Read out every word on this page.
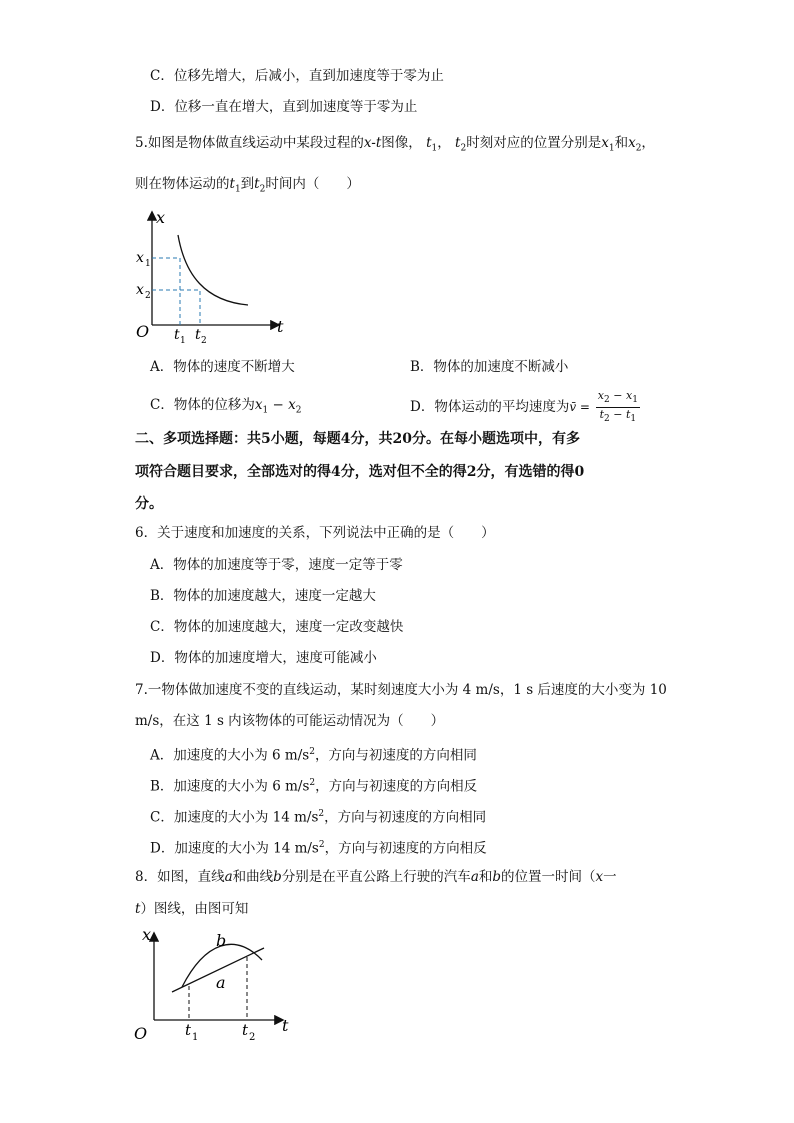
C．位移先增大，后减小，直到加速度等于零为止
D．位移一直在增大，直到加速度等于零为止
5.如图是物体做直线运动中某段过程的x-t图像， $t_1$， $t_2$时刻对应的位置分别是$x_1$和$x_2$，
则在物体运动的$t_1$到$t_2$时间内（　　）
x
x 1
x 2
O t 1 t 2
t
A．物体的速度不断增大	B．物体的加速度不断减小
C．物体的位移为$x_1 - x_2$	D．物体运动的平均速度为v̄ = $\frac{x_2 - x_1}{t_2 - t_1}$
二、多项选择题：共5小题，每题4分，共20分。在每小题选项中，有多
项符合题目要求，全部选对的得4分，选对但不全的得2分，有选错的得0
分。
6．关于速度和加速度的关系，下列说法中正确的是（　　）
A．物体的加速度等于零，速度一定等于零
B．物体的加速度越大，速度一定越大
C．物体的加速度越大，速度一定改变越快
D．物体的加速度增大，速度可能减小
7.一物体做加速度不变的直线运动，某时刻速度大小为 4 m/s，1 s 后速度的大小变为 10
m/s，在这 1 s 内该物体的可能运动情况为（　　）
A．加速度的大小为 6 $m/s^2$，方向与初速度的方向相同
B．加速度的大小为 6 $m/s^2$，方向与初速度的方向相反
C．加速度的大小为 14 $m/s^2$，方向与初速度的方向相同
D．加速度的大小为 14 $m/s^2$，方向与初速度的方向相反
8．如图，直线a和曲线b分别是在平直公路上行驶的汽车a和b的位置一时间（x一
t）图线，由图可知
x	b
a
O	t 1	t 2
t
